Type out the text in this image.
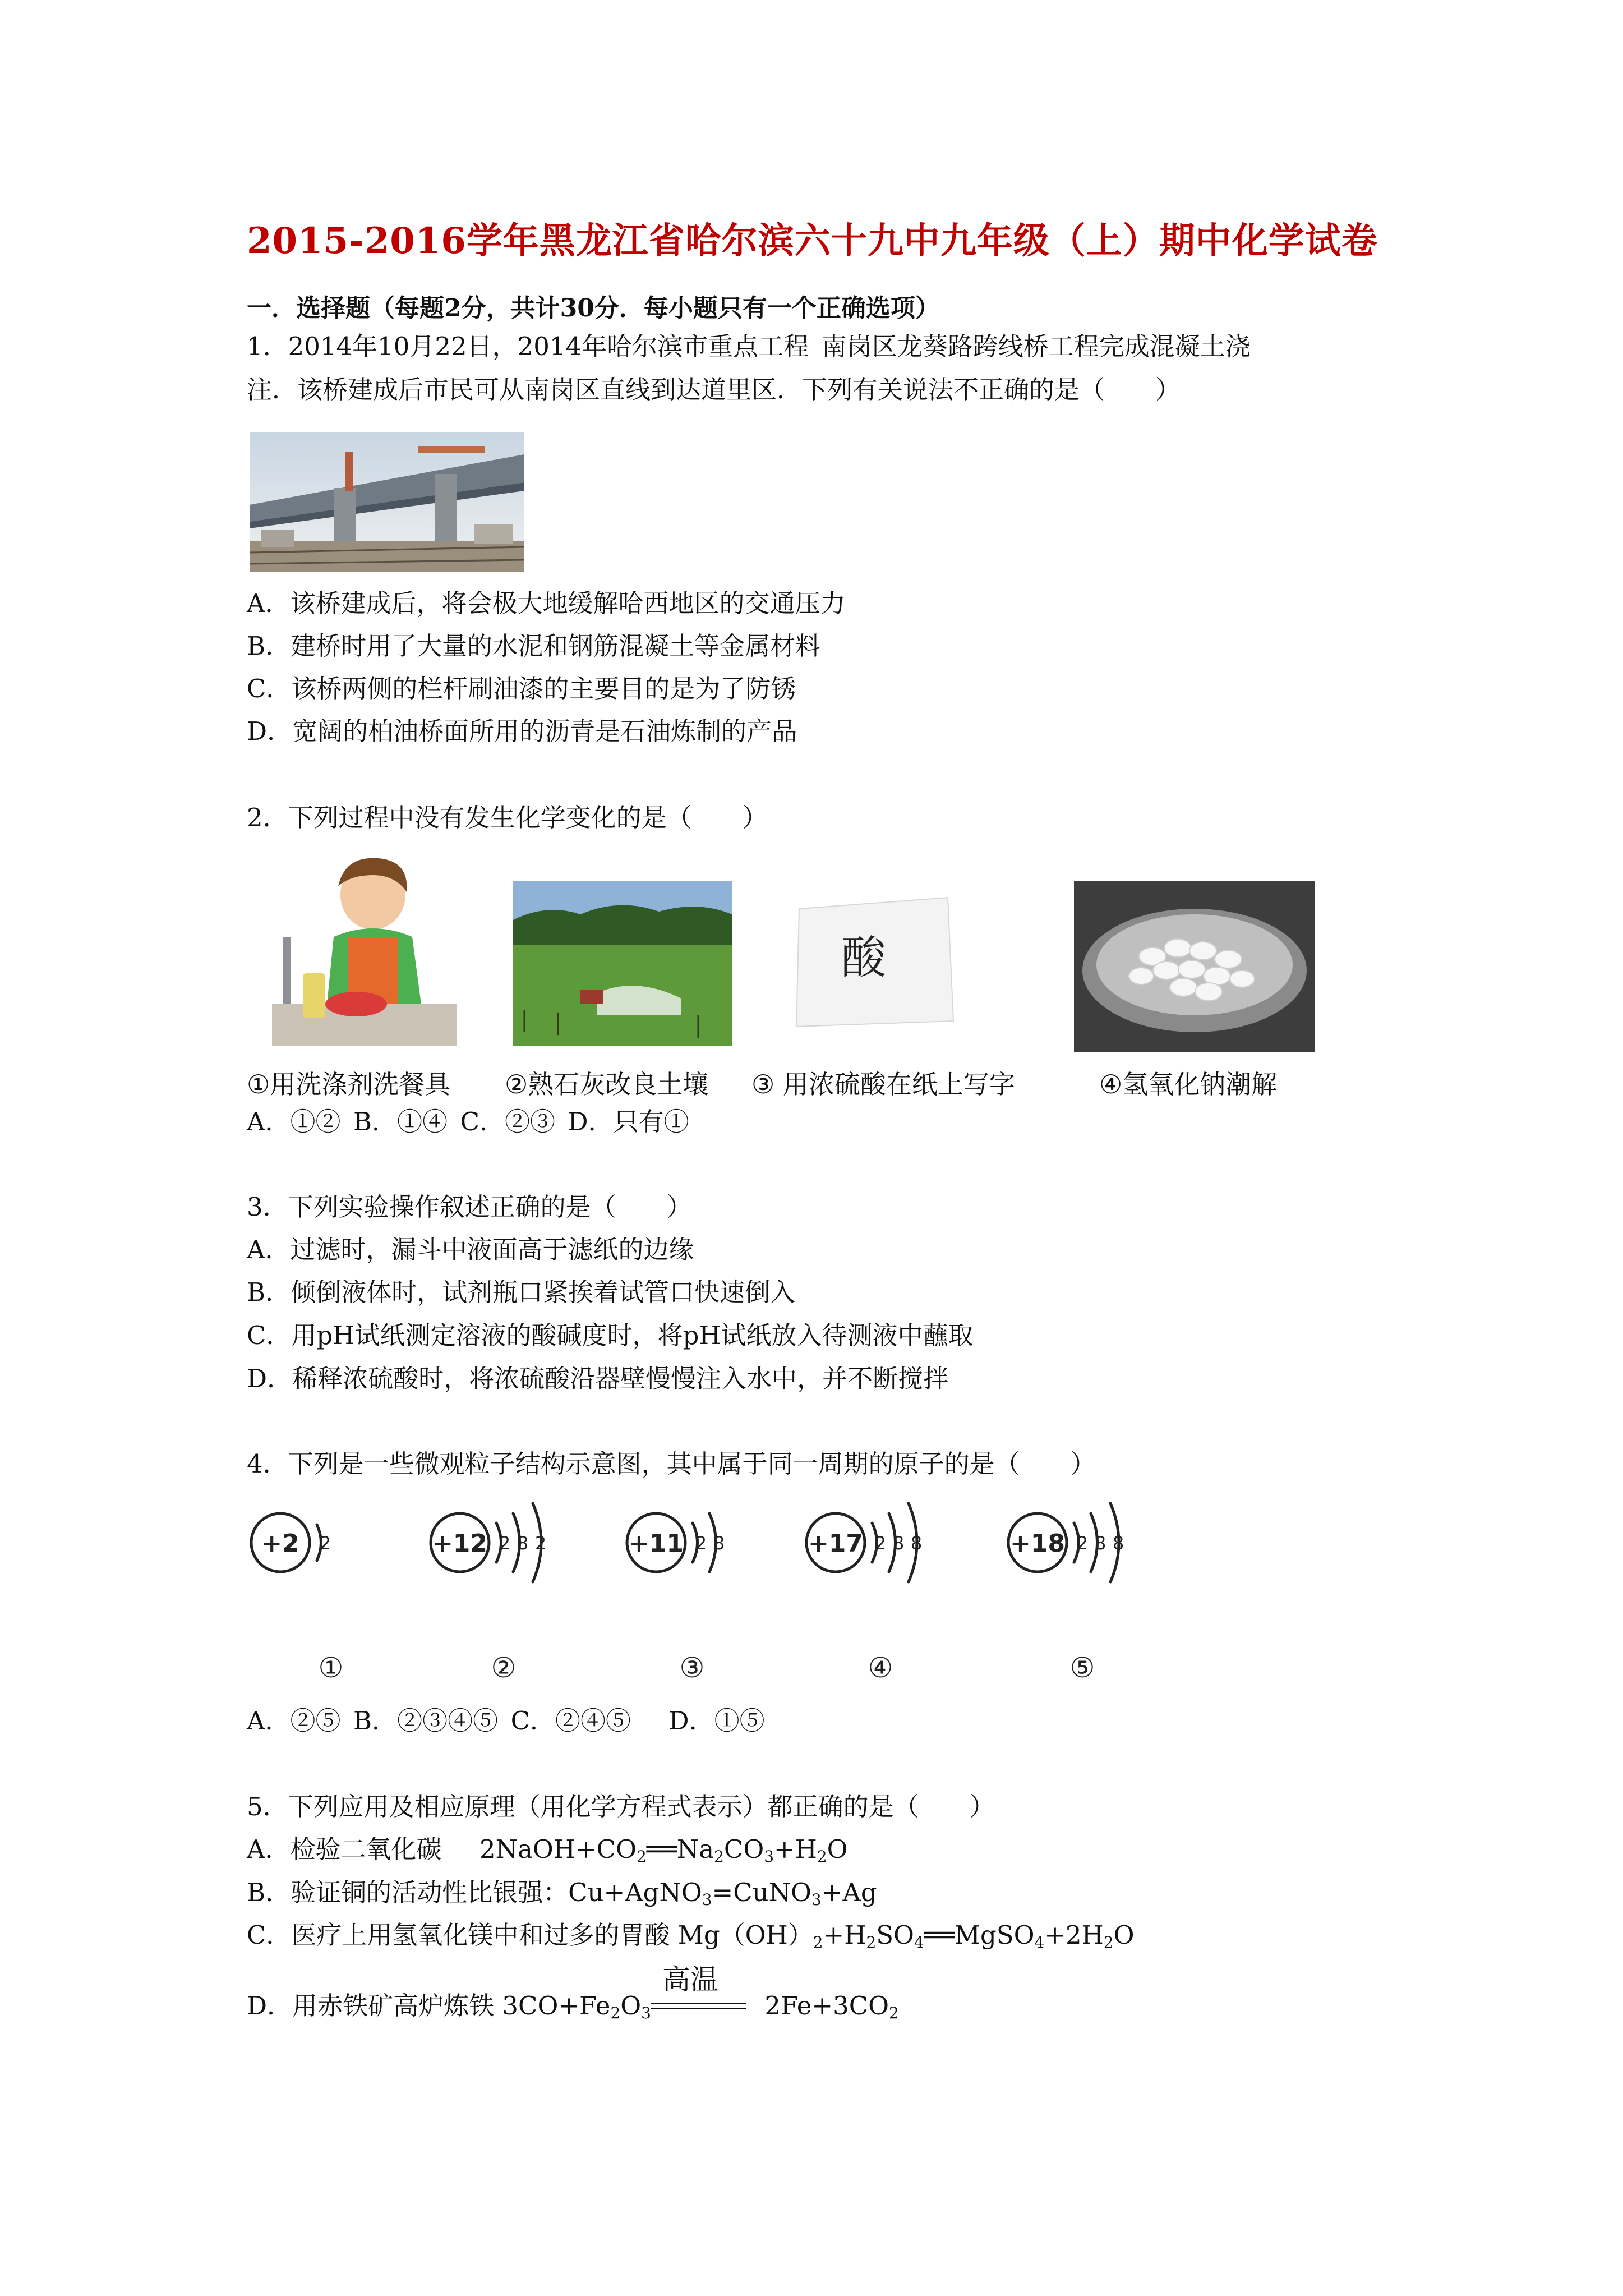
2015-2016学年黑龙江省哈尔滨六十九中九年级（上）期中化学试卷
一．选择题（每题2分，共计30分．每小题只有一个正确选项）
1．2014年10月22日，2014年哈尔滨市重点工程 南岗区龙葵路跨线桥工程完成混凝土浇
注．该桥建成后市民可从南岗区直线到达道里区．下列有关说法不正确的是（　　）
A．该桥建成后，将会极大地缓解哈西地区的交通压力
B．建桥时用了大量的水泥和钢筋混凝土等金属材料
C．该桥两侧的栏杆刷油漆的主要目的是为了防锈
D．宽阔的柏油桥面所用的沥青是石油炼制的产品
2．下列过程中没有发生化学变化的是（　　）
酸
①用洗涤剂洗餐具 ②熟石灰改良土壤 ③ 用浓硫酸在纸上写字	④氢氧化钠潮解
A．①② B．①④ C．②③ D．只有①
3．下列实验操作叙述正确的是（　　）
A．过滤时，漏斗中液面高于滤纸的边缘
B．倾倒液体时，试剂瓶口紧挨着试管口快速倒入
C．用pH试纸测定溶液的酸碱度时，将pH试纸放入待测液中蘸取
D．稀释浓硫酸时，将浓硫酸沿器壁慢慢注入水中，并不断搅拌
4．下列是一些微观粒子结构示意图，其中属于同一周期的原子的是（　　）
+2	+12	+11	+17	+18
2	2 8 2	2 8	2 8 8	2 8 8
①	②	③	④	⑤
A．②⑤ B．②③④⑤ C．②④⑤  D．①⑤
5．下列应用及相应原理（用化学方程式表示）都正确的是（　　）
A．检验二氧化碳  $2NaOH+CO_2══Na_2CO_3+H_2O$
B．验证铜的活动性比银强：Cu+AgNO$_3$=CuNO$_3$+Ag
C．医疗上用氢氧化镁中和过多的胃酸 $Mg(OH)_2+H_2SO_4══MgSO_4+2H_2O$
D．用赤铁矿高炉炼铁 $3CO+Fe_2O_3$
高温
 $2Fe+3CO_2$
